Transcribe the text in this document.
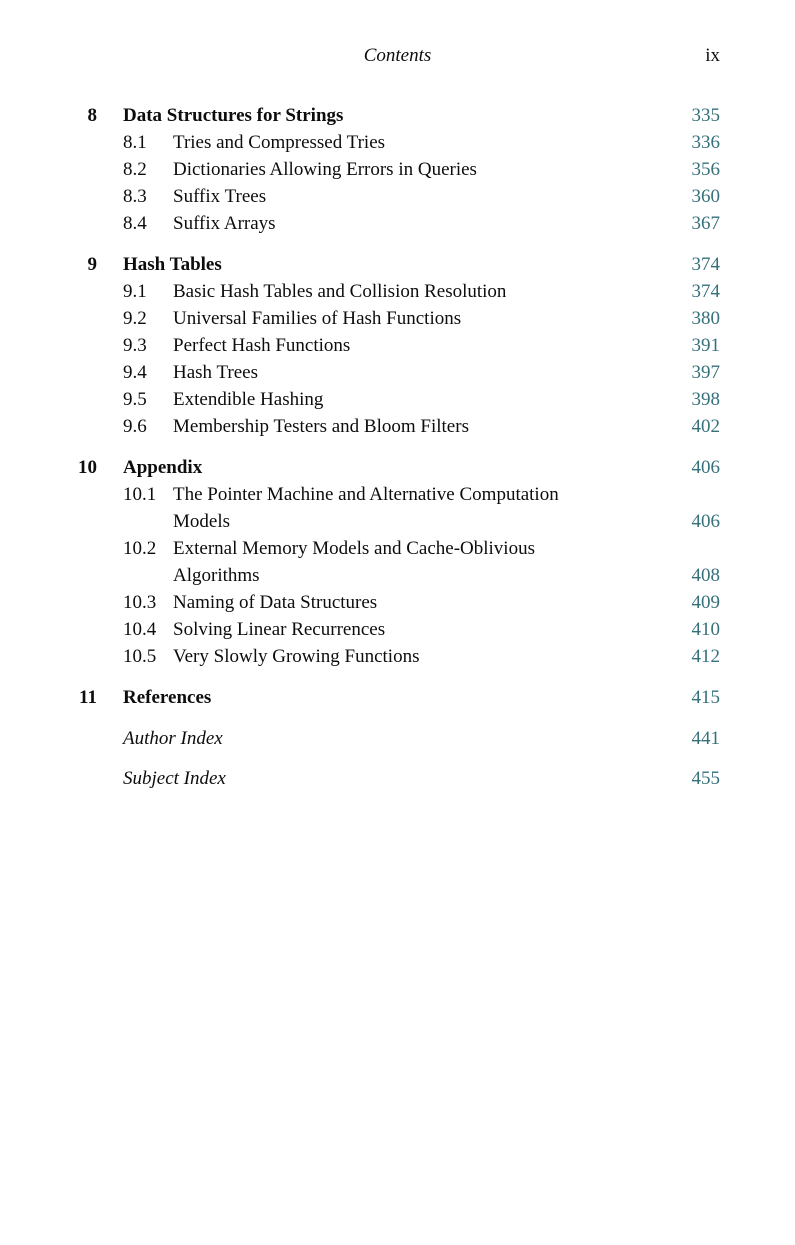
Contents	ix
8	Data Structures for Strings	335
8.1	Tries and Compressed Tries	336
8.2	Dictionaries Allowing Errors in Queries	356
8.3	Suffix Trees	360
8.4	Suffix Arrays	367
9	Hash Tables	374
9.1	Basic Hash Tables and Collision Resolution	374
9.2	Universal Families of Hash Functions	380
9.3	Perfect Hash Functions	391
9.4	Hash Trees	397
9.5	Extendible Hashing	398
9.6	Membership Testers and Bloom Filters	402
10	Appendix	406
10.1 The Pointer Machine and Alternative Computation
Models	406
10.2 External Memory Models and Cache-Oblivious
Algorithms	408
10.3 Naming of Data Structures	409
10.4 Solving Linear Recurrences	410
10.5 Very Slowly Growing Functions	412
11	References	415
Author Index	441
Subject Index	455
